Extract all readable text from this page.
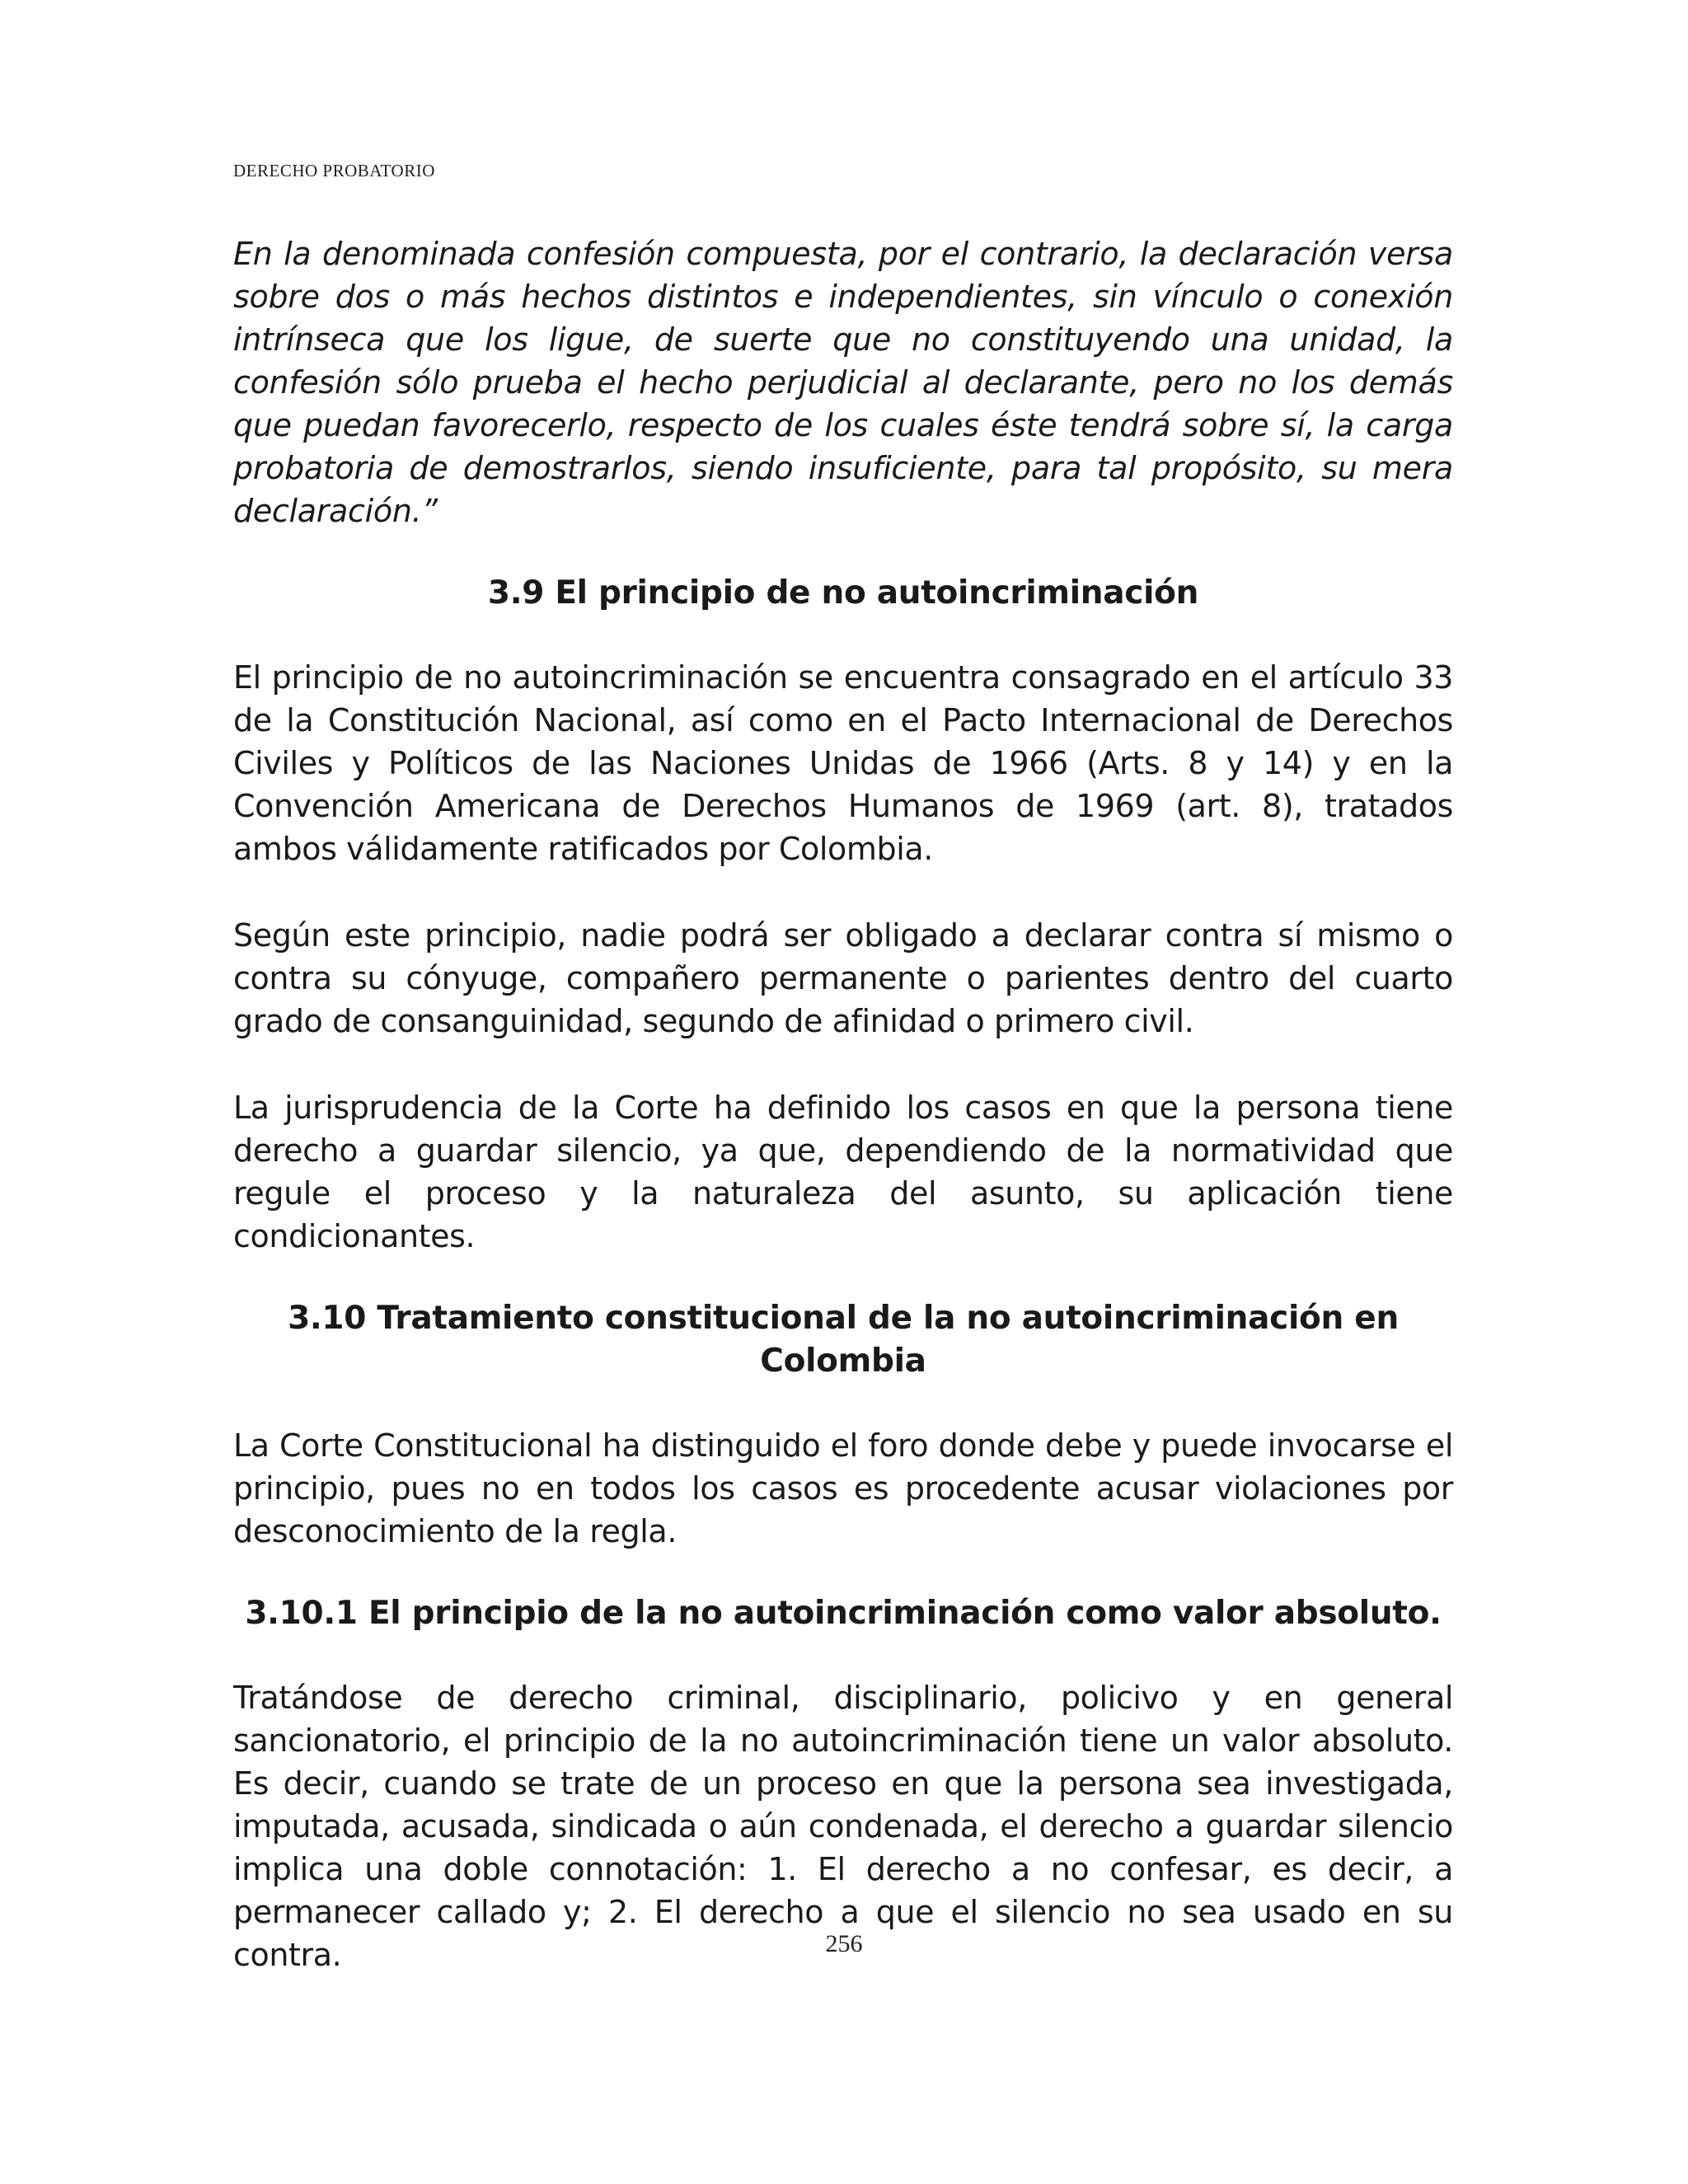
DERECHO PROBATORIO

En la denominada confesión compuesta, por el contrario, la declaración versa sobre dos o más hechos distintos e independientes, sin vínculo o conexión intrínseca que los ligue, de suerte que no constituyendo una unidad, la confesión sólo prueba el hecho perjudicial al declarante, pero no los demás que puedan favorecerlo, respecto de los cuales éste tendrá sobre sí, la carga probatoria de demostrarlos, siendo insuficiente, para tal propósito, su mera declaración.”

3.9 El principio de no autoincriminación

El principio de no autoincriminación se encuentra consagrado en el artículo 33 de la Constitución Nacional, así como en el Pacto Internacional de Derechos Civiles y Políticos de las Naciones Unidas de 1966 (Arts. 8 y 14) y en la Convención Americana de Derechos Humanos de 1969 (art. 8), tratados ambos válidamente ratificados por Colombia.

Según este principio, nadie podrá ser obligado a declarar contra sí mismo o contra su cónyuge, compañero permanente o parientes dentro del cuarto grado de consanguinidad, segundo de afinidad o primero civil.

La jurisprudencia de la Corte ha definido los casos en que la persona tiene derecho a guardar silencio, ya que, dependiendo de la normatividad que regule el proceso y la naturaleza del asunto, su aplicación tiene condicionantes.

3.10 Tratamiento constitucional de la no autoincriminación en Colombia

La Corte Constitucional ha distinguido el foro donde debe y puede invocarse el principio, pues no en todos los casos es procedente acusar violaciones por desconocimiento de la regla.

3.10.1 El principio de la no autoincriminación como valor absoluto.

Tratándose de derecho criminal, disciplinario, policivo y en general sancionatorio, el principio de la no autoincriminación tiene un valor absoluto. Es decir, cuando se trate de un proceso en que la persona sea investigada, imputada, acusada, sindicada o aún condenada, el derecho a guardar silencio implica una doble connotación: 1. El derecho a no confesar, es decir, a permanecer callado y; 2. El derecho a que el silencio no sea usado en su contra.	256
